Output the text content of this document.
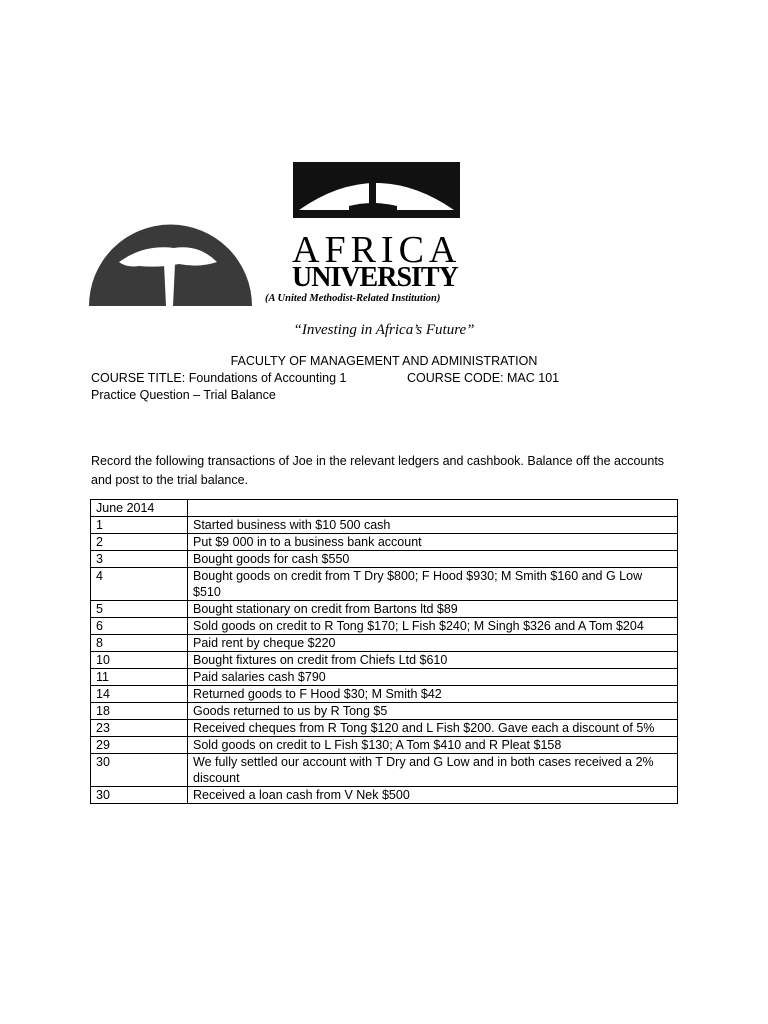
AFRICA
UNIVERSITY
(A United Methodist-Related Institution)
“Investing in Africa’s Future”
FACULTY OF MANAGEMENT AND ADMINISTRATION
COURSE TITLE: Foundations of Accounting 1	COURSE CODE: MAC 101
Practice Question – Trial Balance
Record the following transactions of Joe in the relevant ledgers and cashbook. Balance off the accounts and post to the trial balance.
June 2014	
1	Started business with $10 500 cash
2	Put $9 000 in to a business bank account
3	Bought goods for cash $550
4	Bought goods on credit from T Dry $800; F Hood $930; M Smith $160 and G Low $510
5	Bought stationary on credit from Bartons ltd $89
6	Sold goods on credit to R Tong $170; L Fish $240; M Singh $326 and A Tom $204
8	Paid rent by cheque $220
10	Bought fixtures on credit from Chiefs Ltd $610
11	Paid salaries cash $790
14	Returned goods to F Hood $30; M Smith $42
18	Goods returned to us by R Tong $5
23	Received cheques from R Tong $120 and L Fish $200. Gave each a discount of 5%
29	Sold goods on credit to L Fish $130; A Tom $410 and R Pleat $158
30	We fully settled our account with T Dry and G Low and in both cases received a 2% discount
30	Received a loan cash from V Nek $500
